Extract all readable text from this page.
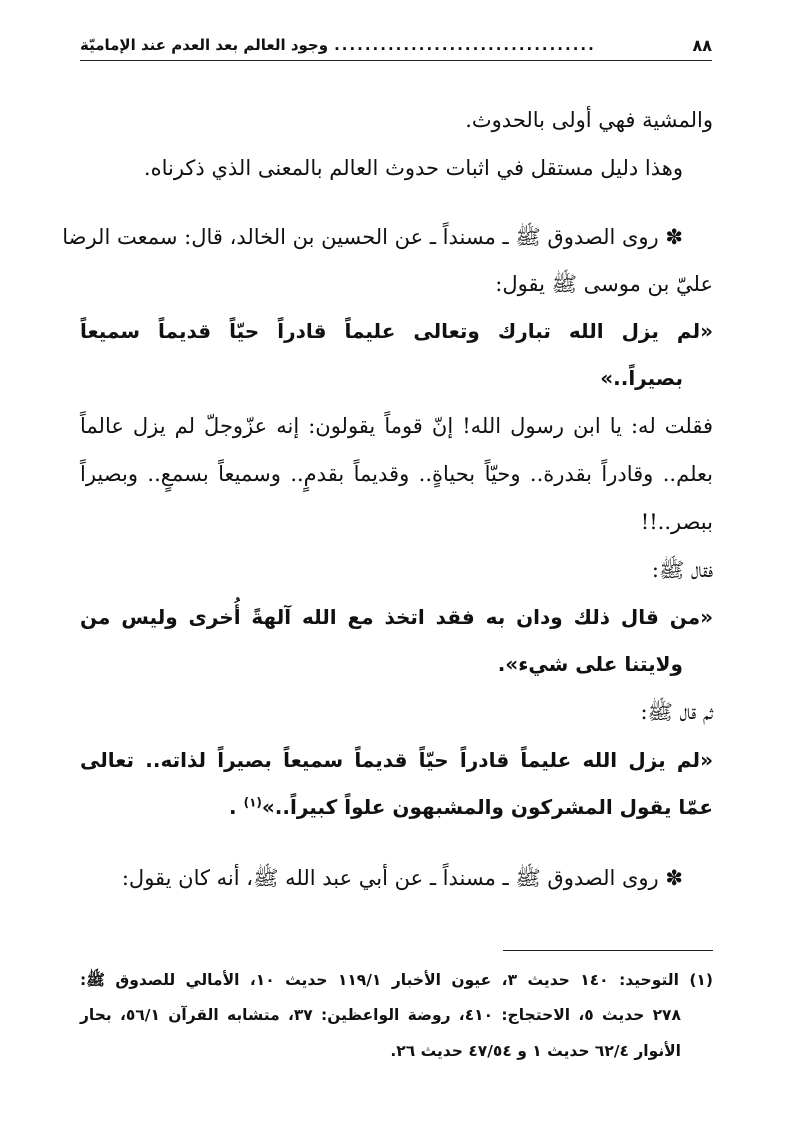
٨٨
..................................
وجود العالم بعد العدم عند الإماميّة
والمشية فهي أولى بالحدوث.
وهذا دليل مستقل في اثبات حدوث العالم بالمعنى الذي ذكرناه.
✽ روى الصدوق ﷺ ـ مسنداً ـ عن الحسين بن الخالد، قال: سمعت الرضا
عليّ بن موسى ﷺ يقول:
«لم يزل الله تبارك وتعالى عليماً قادراً حيّاً قديماً سميعاً
بصيراً..»
فقلت له: يا ابن رسول الله! إنّ قوماً يقولون: إنه عزّوجلّ لم يزل عالماً
بعلم.. وقادراً بقدرة.. وحيّاً بحياةٍ.. وقديماً بقدمٍ.. وسميعاً بسمعٍ.. وبصيراً
ببصر..!!
فقال ﷺ:
«من قال ذلك ودان به فقد اتخذ مع الله آلهةً أُخرى وليس من
ولايتنا على شيء».
ثم قال ﷺ:
«لم يزل الله عليماً قادراً حيّاً قديماً سميعاً بصيراً لذاته.. تعالى
عمّا يقول المشركون والمشبهون علواً كبيراً..»$^{(١)}$ .
✽ روى الصدوق ﷺ ـ مسنداً ـ عن أبي عبد الله ﷺ، أنه كان يقول:
(١) التوحيد: ١٤٠ حديث ٣، عيون الأخبار ١١٩/١ حديث ١٠، الأمالي للصدوق ﷺ:
٢٧٨ حديث ٥، الاحتجاج: ٤١٠، روضة الواعظين: ٣٧، متشابه القرآن ٥٦/١، بحار
الأنوار ٦٢/٤ حديث ١ و ٤٧/٥٤ حديث ٢٦.
